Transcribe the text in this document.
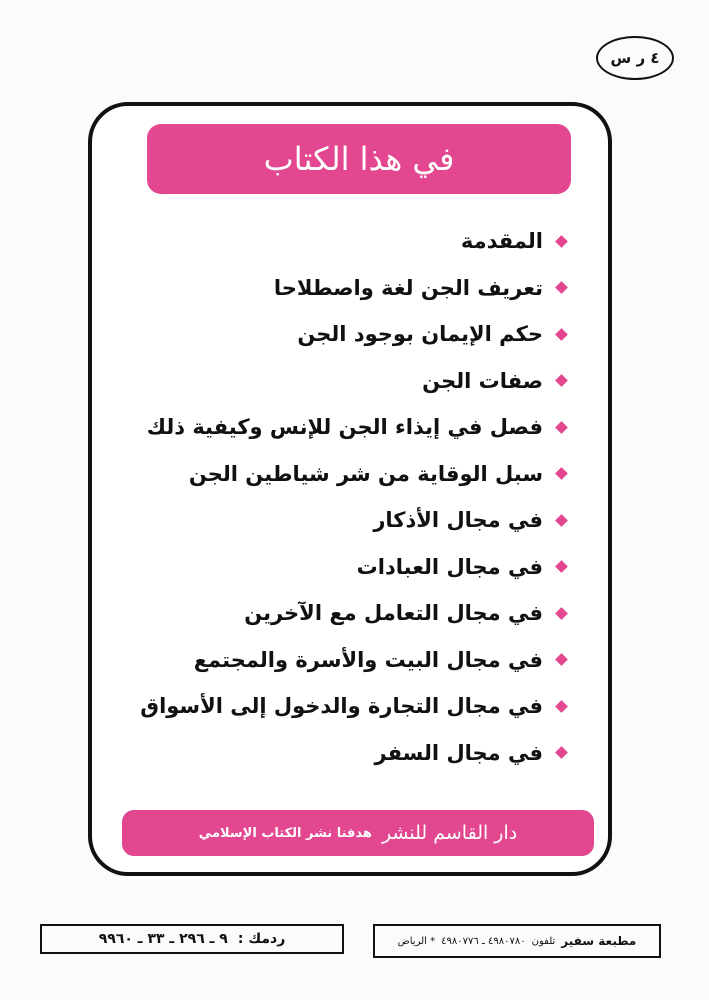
٤ ر س
في هذا الكتاب
المقدمة
تعريف الجن لغة واصطلاحا
حكم الإيمان بوجود الجن
صفات الجن
فصل في إيذاء الجن للإنس وكيفية ذلك
سبل الوقاية من شر شياطين الجن
في مجال الأذكار
في مجال العبادات
في مجال التعامل مع الآخرين
في مجال البيت والأسرة والمجتمع
في مجال التجارة والدخول إلى الأسواق
في مجال السفر
دار القاسم للنشر
هدفنا نشر الكتاب الإسلامي
مطبعة سفير
تلفون
٤٩٨٠٧٨٠ ـ ٤٩٨٠٧٧٦
* الرياض
ردمك :
٩ ـ ٢٩٦ ـ ٣٣ ـ ٩٩٦٠
